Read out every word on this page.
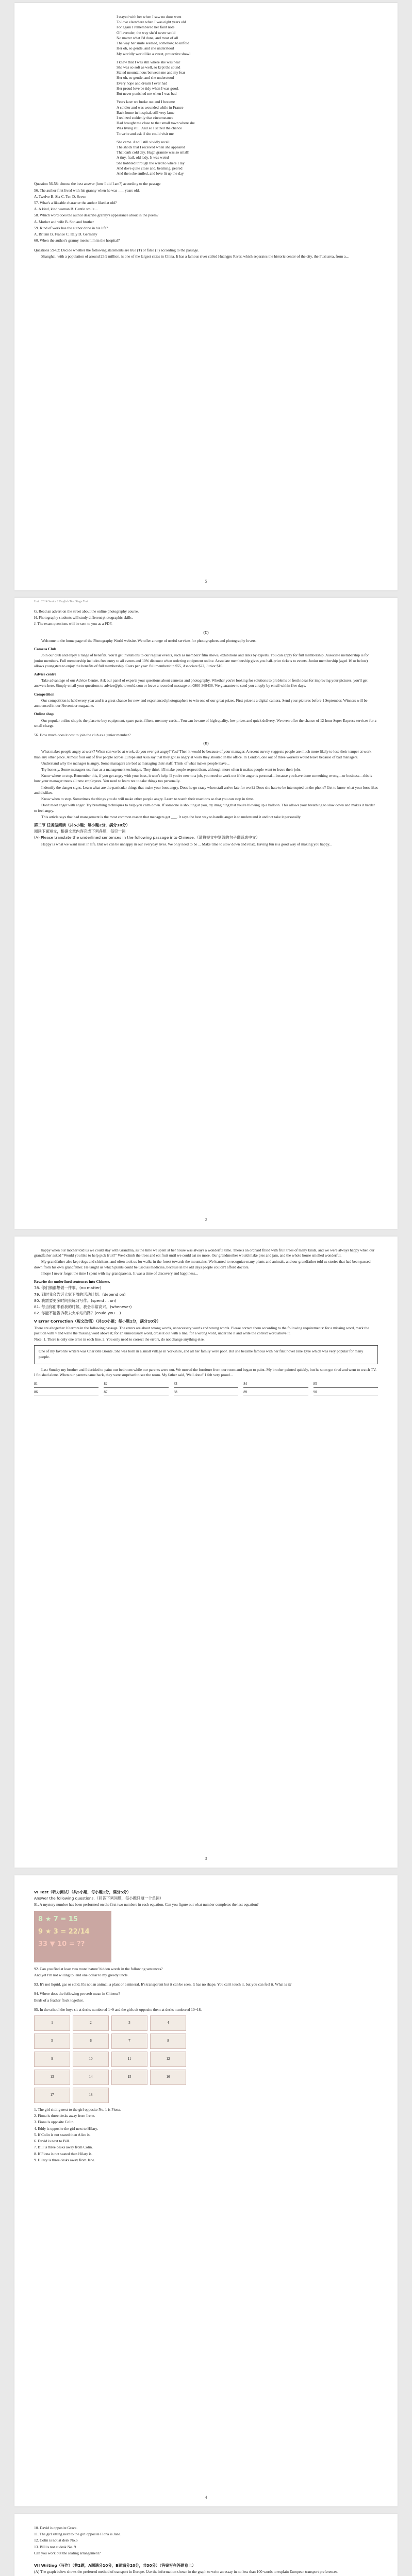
I stayed with her when I saw no door went
To love elsewhere when I was eight years old
For again I remembered her faint note
Of lavender, the way she'd never scold
No matter what I'd done, and most of all
The way her smile seemed, somehow, to unfold
Her oh, so gentle, and she understood
My worldly world like a sweet, protective shawl
I knew that I was still where she was near
She was so soft as well, so kept the sound
Stated mountainous between me and my fear
Her oh, so gentle, and she understood
Every hope and dream I ever had
Her proud love be tidy when I was good.
But never punished me when I was bad
Years later we broke out and I became
A soldier and was wounded while in France
Back home in hospital, still very lame
I realized suddenly that circumstance
Had brought me close to that small town where she
Was living still. And so I seized the chance
To write and ask if she could visit me
She came. And I still vividly recall
The shock that I received when she appeared
That dark cold day. Hugh grannie was so small!
A tiny, frail, old lady. It was weird
She hobbled through the ward to where I lay
And dove quite close and, beaming, peered
And then she smiled, and love lit up the day

Question 56-58: choose the best answer (how I did I am?) according to the passage

56. The author first lived with his granny when he was ___ years old.

A. Twelve B. Six C. Ten D. Seven

57. What's a likeable character the author liked at old?

A. A kind, kind woman B. Gentle smile ...

58. Which word does the author describe granny's appearance about in the poem?

A. Mother and wife B. Son and brother

59. Kind of work has the author done in his life?

A. Britain B. France C. Italy D. Germany

60. When the author's granny meets him in the hospital?

Questions 59-62: Decide whether the following statements are true (T) or false (F) according to the passage.

Shanghai, with a population of around 23.9 million, is one of the largest cities in China. It has a famous river called Huangpu River, which separates the historic center of the city, the Puxi area, from a...

5
Unit: 2014 Senior 2 English Test Stage Test

G. Read an advert on the street about the online photography course.

H. Photography students will study different photographic skills.

J. The exam questions will be sent to you as a PDF.

(C)

Welcome to the home page of the Photography World website. We offer a range of useful services for photographers and photography lovers.

Camera Club

Join our club and enjoy a range of benefits. You'll get invitations to our regular events, such as members' film shows, exhibitions and talks by experts. You can apply for full membership. Associate membership is for junior members. Full membership includes free entry to all events and 10% discount when ordering equipment online. Associate membership gives you half-price tickets to events. Junior membership (aged 16 or below) allows youngsters to enjoy the benefits of full membership. Costs per year: full membership $55, Associate $22, Junior $10.

Advice centre

Take advantage of our Advice Centre. Ask our panel of experts your questions about cameras and photography. Whether you're looking for solutions to problems or fresh ideas for improving your pictures, you'll get answers here. Simply email your questions to advice@photoworld.com or leave a recorded message on 0800-369436. We guarantee to send you a reply by email within five days.

Competition

Our competition is held every year and is a great chance for new and experienced photographers to win one of our great prizes. First prize is a digital camera. Send your pictures before 1 September. Winners will be announced in our November magazine.

Online shop

Our popular online shop is the place to buy equipment, spare parts, filters, memory cards... You can be sure of high quality, low prices and quick delivery. We even offer the chance of 12-hour Super Express services for a small charge.

56. How much does it cost to join the club as a junior member?

(D)

What makes people angry at work? When can we be at work, do you ever get angry? Yes? Then it would be because of your manager. A recent survey suggests people are much more likely to lose their temper at work than any other place. Almost four out of five people across Europe and Asia say that they got so angry at work they shouted in the office. In London, one out of three workers would leave because of bad managers.

Understand why the manager is angry. Some managers are bad at managing their staff. Think of what makes people leave...

Try honesty. Some managers use fear as a management technique. They think it'll make people respect them, although more often it makes people want to leave their jobs.

Know where to stop. Remember this, if you get angry with your boss, it won't help. If you're new to a job, you need to work out if the anger is personal—because you have done something wrong—or business—this is how your manager treats all new employees. You need to learn not to take things too personally.

Indentify the danger signs. Learn what are the particular things that make your boss angry. Does he go crazy when staff arrive late for work? Does she hate to be interrupted on the phone? Get to know what your boss likes and dislikes.

Know when to stop. Sometimes the things you do will make other people angry. Learn to watch their reactions so that you can stop in time.

Don't meet anger with anger. Try breathing techniques to help you calm down. If someone is shouting at you, try imagining that you're blowing up a balloon. This allows your breathing to slow down and makes it harder to feel angry.

This article says that bad management is the most common reason that managers get ___. It says the best way to handle anger is to understand it and not take it personally.

第二节 任务型阅读（共5小题；每小题2分，满分10分）

阅读下面短文，根据文章内容完成下列各题，每空一词

(A) Please translate the underlined sentences in the following passage into Chinese.（请将短文中划线的句子翻译成中文）

Happy is what we want most in life. But we can be unhappy in our everyday lives. We only need to be ... Make time to slow down and relax. Having fun is a good way of making you happy...

2

happy when our mother told us we could stay with Grandma, as the time we spent at her house was always a wonderful time. There's an orchard filled with fruit trees of many kinds, and we were always happy when our grandfather asked "Would you like to help pick fruit?" We'd climb the trees and eat fruit until we could eat no more. Our grandmother would make pies and jam, and the whole house smelled wonderful.

My grandfather also kept dogs and chickens, and often took us for walks in the forest towards the mountains. We learned to recognize many plants and animals, and our grandfather told us stories that had been passed down from his own grandfather. He taught us which plants could be used as medicine, because in the old days people couldn't afford doctors.

I hope I never forget the time I spent with my grandparents. It was a time of discovery and happiness...

Rewrite the underlined sentences into Chinese.

78. 你们俩都想做一件事。(no matter)

79. 到时我会告诉大家下周的活动计划。(depend on)

80. 我需要更多时间去练习写作。(spend ... on)

81. 每当你们来看我的时候，我会非常高兴。(whenever)

82. 你能不能告诉我去火车站的路？(could you ...)

V Error Correction（短文改错）（共10小题；每小题1分，满分10分）

There are altogether 10 errors in the following passage. The errors are about wrong words, unnecessary words and wrong words. Please correct them according to the following requirements: for a missing word, mark the position with ^ and write the missing word above it; for an unnecessary word, cross it out with a line; for a wrong word, underline it and write the correct word above it.

Note: 1. There is only one error in each line. 2. You only need to correct the errors, do not change anything else.

One of my favorite writers was Charlotte Bronte. She was born in a small village in Yorkshire, and all her family were poor. But she became famous with her first novel Jane Eyre which was very popular for many people.

Last Sunday my brother and I decided to paint our bedroom while our parents were out. We moved the furniture from our room and began to paint. My brother painted quickly, but he soon got tired and went to watch TV. I finished alone. When our parents came back, they were surprised to see the room. My father said, 'Well done!' I felt very proud...

81	82	83	84	85
86	87	88	89	90
3

VI Test（听力测试）（共5小题，每小题1分，满分5分）

Answer the following questions.（回答下列问题，每小题只填一个单词）

91. A mystery number has been performed on the first two numbers in each equation. Can you figure out what number completes the last equation?

8 ★ 7 = 15
9 ★ 3 = 22/14
33 ▼ 10 = ??

92. Can you find at least two more 'nature' hidden words in the following sentences?

And yet I'm not willing to lend one dollar to my greedy uncle.

93. It's not liquid, gas or solid. It's not an animal, a plant or a mineral. It's transparent but it can be seen. It has no shape. You can't touch it, but you can feel it. What is it?

94. Where does the following proverb mean in Chinese?

Birds of a feather flock together.

95. In the school the boys sit at desks numbered 1~9 and the girls sit opposite them at desks numbered 10~18.

1	2	3	4
5	6	7	8
9	10	11	12
13	14	15	16
17	18

1. The girl sitting next to the girl opposite No. 1 is Fiona.

2. Fiona is three desks away from Irene.

3. Fiona is opposite Colin.

4. Eddy is opposite the girl next to Hilary.

5. If Colin is not seated then Alice is.

6. David is next to Bill.

7. Bill is three desks away from Colin.

8. If Fiona is not seated then Hilary is.

9. Hilary is three desks away from Jane.

4

10. David is opposite Grace.

11. The girl sitting next to the girl opposite Fiona is Jane.

12. Colin is not at desk No.5

13. Bill is not at desk No. 9

Can you work out the seating arrangement?

VII Writing（写作）（共2题，A题满分10分，B题满分20分，共30分）（答案写在答题卷上）

(A) The graph below shows the preferred method of transport in Europe. Use the information shown in the graph to write an essay in no less than 100 words to explain European transport preferences.
